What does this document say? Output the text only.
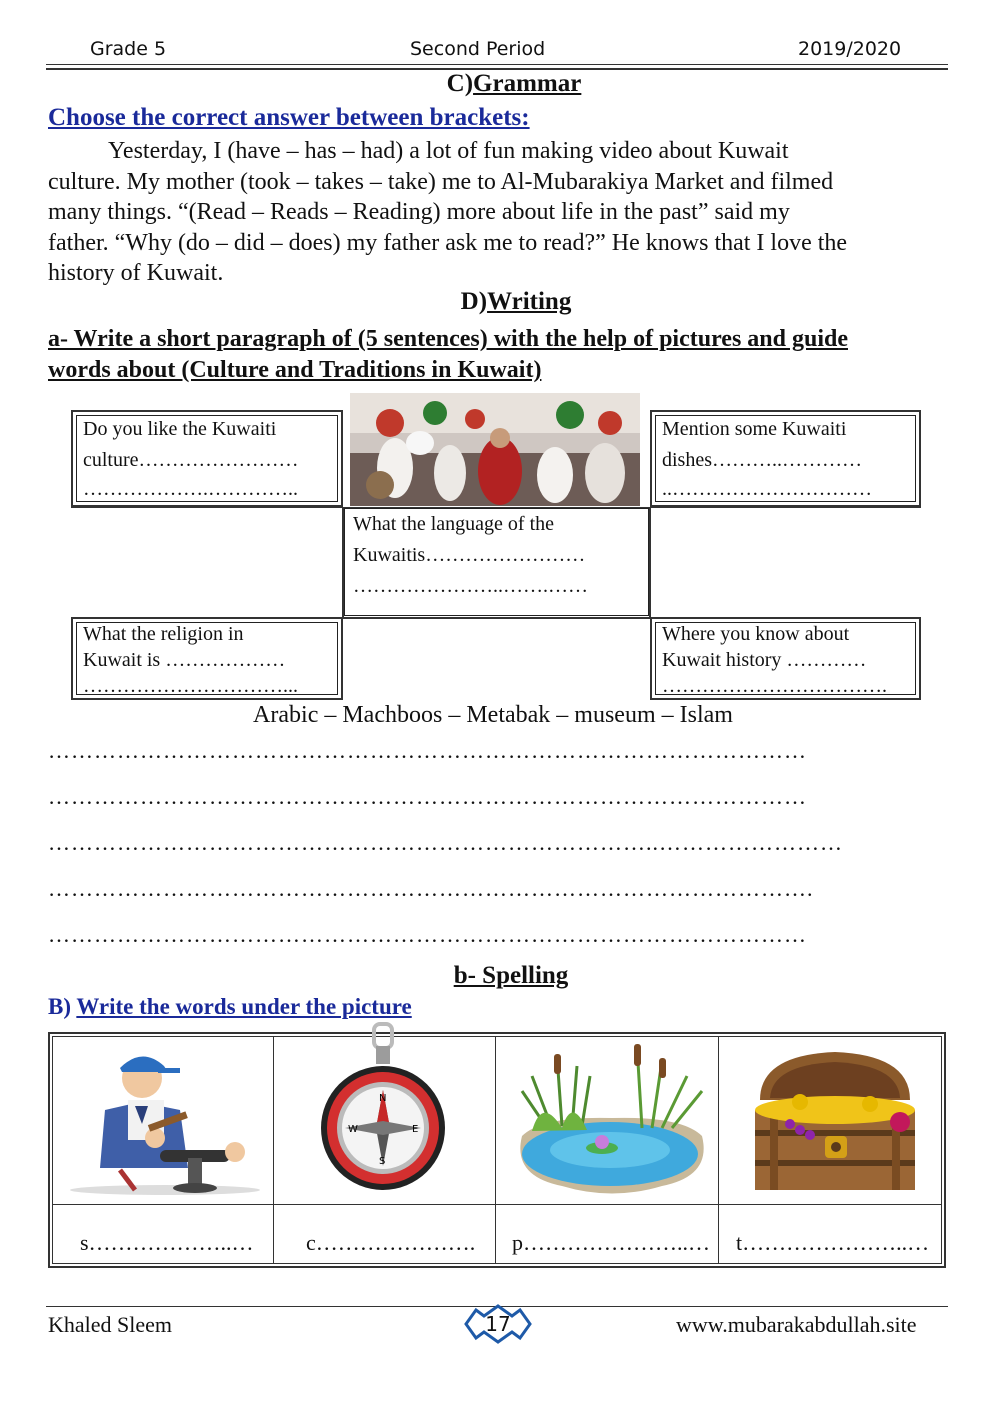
Grade 5	Second Period	2019/2020
C)Grammar
Choose the correct answer between brackets:
Yesterday, I (have – has – had) a lot of fun making video about Kuwait
culture. My mother (took – takes – take) me to Al-Mubarakiya Market and filmed
many things. “(Read – Reads – Reading) more about life in the past” said my
father. “Why (do – did – does) my father ask me to read?” He knows that I love the
history of Kuwait.
D)Writing
a- Write a short paragraph of (5 sentences) with the help of pictures and guide
words about (Culture and Traditions in Kuwait)
Do you like the Kuwaiti
culture……………………
……………….…………..
Mention some Kuwaiti
dishes………..…………
..…………………………
What the language of the
Kuwaitis……………………
…………………..…….……
What the religion in
Kuwait is ………………
…………………………...
Where you know about
Kuwait history …………
…………………………….
Arabic – Machboos – Metabak – museum – Islam
………………………………………………………………………………………
………………………………………………………………………………………
……………………………………………………………………..……………………
……………………………………………………………………………………….
………………………………………………………………………………………
b- Spelling
B) Write the words under the picture
N
S
W	E
s………………..… c…………………. p…………………..… t…………………..…
Khaled Sleem	17	www.mubarakabdullah.site
